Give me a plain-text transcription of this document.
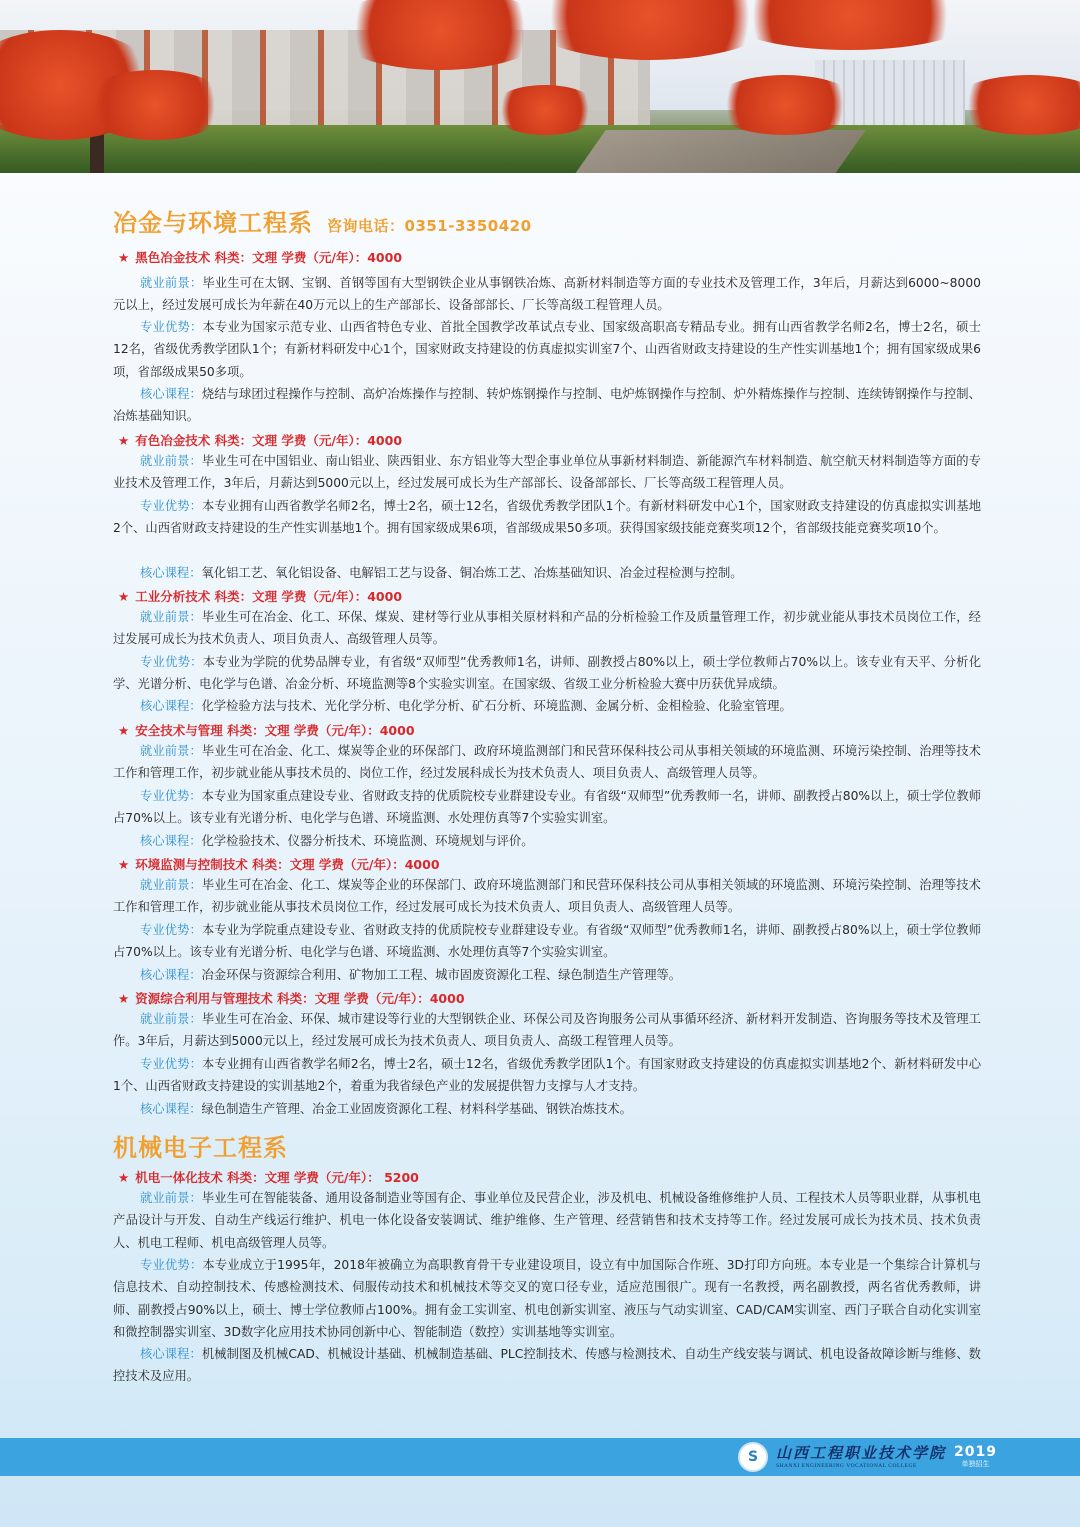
冶金与环境工程系 咨询电话：0351-3350420
★ 黑色冶金技术 科类：文理 学费（元/年）：4000
就业前景：毕业生可在太钢、宝钢、首钢等国有大型钢铁企业从事钢铁冶炼、高新材料制造等方面的专业技术及管理工作，3年后，月薪达到6000~8000元以上，经过发展可成长为年薪在40万元以上的生产部部长、设备部部长、厂长等高级工程管理人员。
专业优势：本专业为国家示范专业、山西省特色专业、首批全国教学改革试点专业、国家级高职高专精品专业。拥有山西省教学名师2名，博士2名，硕士12名，省级优秀教学团队1个；有新材料研发中心1个，国家财政支持建设的仿真虚拟实训室7个、山西省财政支持建设的生产性实训基地1个；拥有国家级成果6项，省部级成果50多项。
核心课程：烧结与球团过程操作与控制、高炉冶炼操作与控制、转炉炼钢操作与控制、电炉炼钢操作与控制、炉外精炼操作与控制、连续铸钢操作与控制、冶炼基础知识。
★ 有色冶金技术 科类：文理 学费（元/年）：4000
就业前景：毕业生可在中国铝业、南山铝业、陕西钼业、东方铝业等大型企事业单位从事新材料制造、新能源汽车材料制造、航空航天材料制造等方面的专业技术及管理工作，3年后，月薪达到5000元以上，经过发展可成长为生产部部长、设备部部长、厂长等高级工程管理人员。
专业优势：本专业拥有山西省教学名师2名，博士2名，硕士12名，省级优秀教学团队1个。有新材料研发中心1个，国家财政支持建设的仿真虚拟实训基地2个、山西省财政支持建设的生产性实训基地1个。拥有国家级成果6项，省部级成果50多项。获得国家级技能竞赛奖项12个，省部级技能竞赛奖项10个。
核心课程：氧化铝工艺、氧化铝设备、电解铝工艺与设备、铜冶炼工艺、冶炼基础知识、冶金过程检测与控制。
★ 工业分析技术 科类：文理 学费（元/年）：4000
就业前景：毕业生可在冶金、化工、环保、煤炭、建材等行业从事相关原材料和产品的分析检验工作及质量管理工作，初步就业能从事技术员岗位工作，经过发展可成长为技术负责人、项目负责人、高级管理人员等。
专业优势：本专业为学院的优势品牌专业，有省级“双师型”优秀教师1名，讲师、副教授占80%以上，硕士学位教师占70%以上。该专业有天平、分析化学、光谱分析、电化学与色谱、冶金分析、环境监测等8个实验实训室。在国家级、省级工业分析检验大赛中历获优异成绩。
核心课程：化学检验方法与技术、光化学分析、电化学分析、矿石分析、环境监测、金属分析、金相检验、化验室管理。
★ 安全技术与管理 科类：文理 学费（元/年）：4000
就业前景：毕业生可在冶金、化工、煤炭等企业的环保部门、政府环境监测部门和民营环保科技公司从事相关领域的环境监测、环境污染控制、治理等技术工作和管理工作，初步就业能从事技术员的、岗位工作，经过发展科成长为技术负责人、项目负责人、高级管理人员等。
专业优势：本专业为国家重点建设专业、省财政支持的优质院校专业群建设专业。有省级“双师型”优秀教师一名，讲师、副教授占80%以上，硕士学位教师占70%以上。该专业有光谱分析、电化学与色谱、环境监测、水处理仿真等7个实验实训室。
核心课程：化学检验技术、仪器分析技术、环境监测、环境规划与评价。
★ 环境监测与控制技术 科类：文理 学费（元/年）：4000
就业前景：毕业生可在冶金、化工、煤炭等企业的环保部门、政府环境监测部门和民营环保科技公司从事相关领域的环境监测、环境污染控制、治理等技术工作和管理工作，初步就业能从事技术员岗位工作，经过发展可成长为技术负责人、项目负责人、高级管理人员等。
专业优势：本专业为学院重点建设专业、省财政支持的优质院校专业群建设专业。有省级“双师型”优秀教师1名，讲师、副教授占80%以上，硕士学位教师占70%以上。该专业有光谱分析、电化学与色谱、环境监测、水处理仿真等7个实验实训室。
核心课程：冶金环保与资源综合利用、矿物加工工程、城市固废资源化工程、绿色制造生产管理等。
★ 资源综合利用与管理技术 科类：文理 学费（元/年）：4000
就业前景：毕业生可在冶金、环保、城市建设等行业的大型钢铁企业、环保公司及咨询服务公司从事循环经济、新材料开发制造、咨询服务等技术及管理工作。3年后，月薪达到5000元以上，经过发展可成长为技术负责人、项目负责人、高级工程管理人员等。
专业优势：本专业拥有山西省教学名师2名，博士2名，硕士12名，省级优秀教学团队1个。有国家财政支持建设的仿真虚拟实训基地2个、新材料研发中心1个、山西省财政支持建设的实训基地2个，着重为我省绿色产业的发展提供智力支撑与人才支持。
核心课程：绿色制造生产管理、冶金工业固废资源化工程、材料科学基础、钢铁冶炼技术。
机械电子工程系
★ 机电一体化技术 科类：文理 学费（元/年）： 5200
就业前景：毕业生可在智能装备、通用设备制造业等国有企、事业单位及民营企业，涉及机电、机械设备维修维护人员、工程技术人员等职业群，从事机电产品设计与开发、自动生产线运行维护、机电一体化设备安装调试、维护维修、生产管理、经营销售和技术支持等工作。经过发展可成长为技术员、技术负责人、机电工程师、机电高级管理人员等。
专业优势：本专业成立于1995年，2018年被确立为高职教育骨干专业建设项目，设立有中加国际合作班、3D打印方向班。本专业是一个集综合计算机与信息技术、自动控制技术、传感检测技术、伺服传动技术和机械技术等交叉的宽口径专业，适应范围很广。现有一名教授，两名副教授，两名省优秀教师，讲师、副教授占90%以上，硕士、博士学位教师占100%。拥有金工实训室、机电创新实训室、液压与气动实训室、CAD/CAM实训室、西门子联合自动化实训室和微控制器实训室、3D数字化应用技术协同创新中心、智能制造（数控）实训基地等实训室。
核心课程：机械制图及机械CAD、机械设计基础、机械制造基础、PLC控制技术、传感与检测技术、自动生产线安装与调试、机电设备故障诊断与维修、数控技术及应用。
S 山西工程职业技术学院
SHANXI ENGINEERING VOCATIONAL COLLEGE
2019
单独招生
